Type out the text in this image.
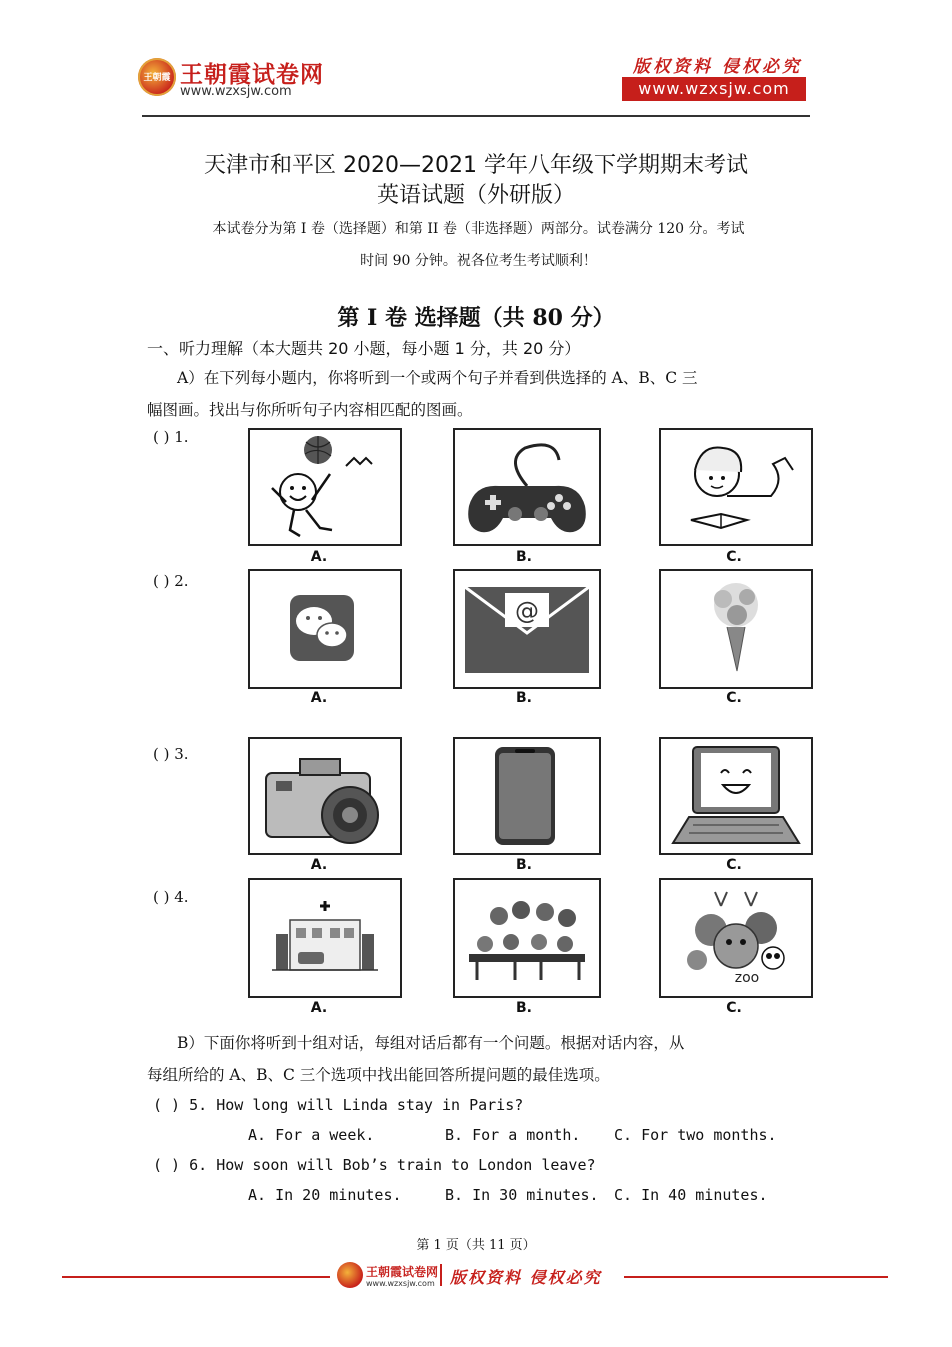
王朝霞 王朝霞试卷网
www.wzxsjw.com
版权资料 侵权必究
www.wzxsjw.com
天津市和平区 2020—2021 学年八年级下学期期末考试
英语试题（外研版）
本试卷分为第 I 卷（选择题）和第 II 卷（非选择题）两部分。试卷满分 120 分。考试
时间 90 分钟。祝各位考生考试顺利！
第 I 卷 选择题（共 80 分）
一、听力理解（本大题共 20 小题，每小题 1 分，共 20 分）
A）在下列每小题内，你将听到一个或两个句子并看到供选择的 A、B、C 三
幅图画。找出与你所听句子内容相匹配的图画。
( ) 1.
A.	B.	C.
( ) 2.
@
A.	B.	C.
( ) 3.
A.	B.	C.
( ) 4.
zoo
A.	B.	C.
B）下面你将听到十组对话，每组对话后都有一个问题。根据对话内容，从
每组所给的 A、B、C 三个选项中找出能回答所提问题的最佳选项。
( ) 5. How long will Linda stay in Paris?
A. For a week.	B. For a month. C. For two months.
( ) 6. How soon will Bob’s train to London leave?
A. In 20 minutes.	B. In 30 minutes. C. In 40 minutes.
第 1 页（共 11 页）
王朝霞试卷网
www.wzxsjw.com 版权资料 侵权必究
